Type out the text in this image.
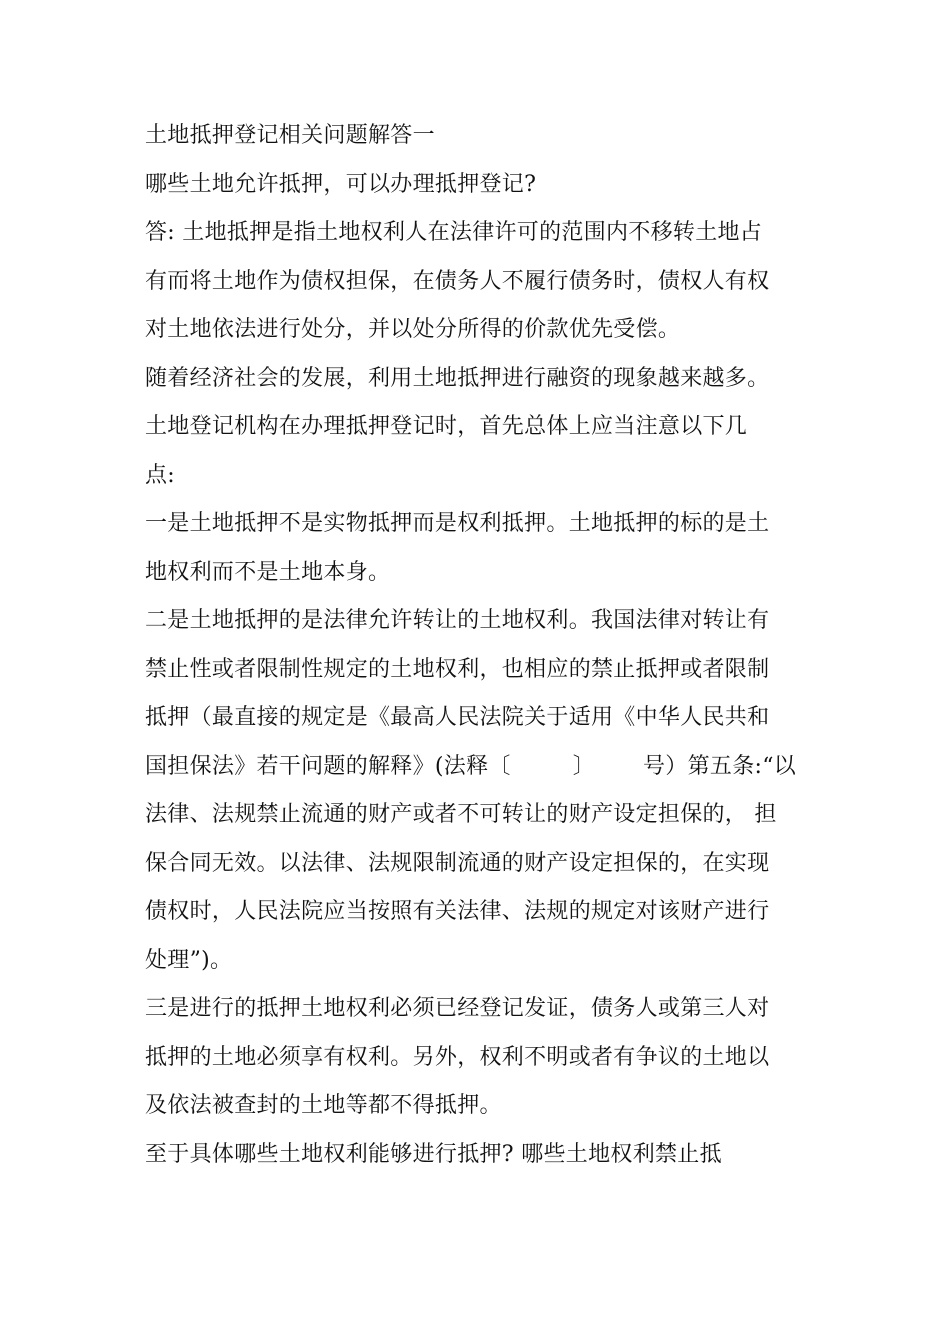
土地抵押登记相关问题解答一
哪些土地允许抵押，可以办理抵押登记?
答: 土地抵押是指土地权利人在法律许可的范围内不移转土地占
有而将土地作为债权担保，在债务人不履行债务时，债权人有权
对土地依法进行处分，并以处分所得的价款优先受偿。
随着经济社会的发展，利用土地抵押进行融资的现象越来越多。
土地登记机构在办理抵押登记时，首先总体上应当注意以下几
点:
一是土地抵押不是实物抵押而是权利抵押。土地抵押的标的是土
地权利而不是土地本身。
二是土地抵押的是法律允许转让的土地权利。我国法律对转让有
禁止性或者限制性规定的土地权利，也相应的禁止抵押或者限制
抵押（最直接的规定是《最高人民法院关于适用《中华人民共和
国担保法》若干问题的解释》(法释〔	〕 号）第五条:“以
法律、法规禁止流通的财产或者不可转让的财产设定担保的， 担
保合同无效。以法律、法规限制流通的财产设定担保的，在实现
债权时，人民法院应当按照有关法律、法规的规定对该财产进行
处理”)。
三是进行的抵押土地权利必须已经登记发证，债务人或第三人对
抵押的土地必须享有权利。另外，权利不明或者有争议的土地以
及依法被查封的土地等都不得抵押。
至于具体哪些土地权利能够进行抵押? 哪些土地权利禁止抵
